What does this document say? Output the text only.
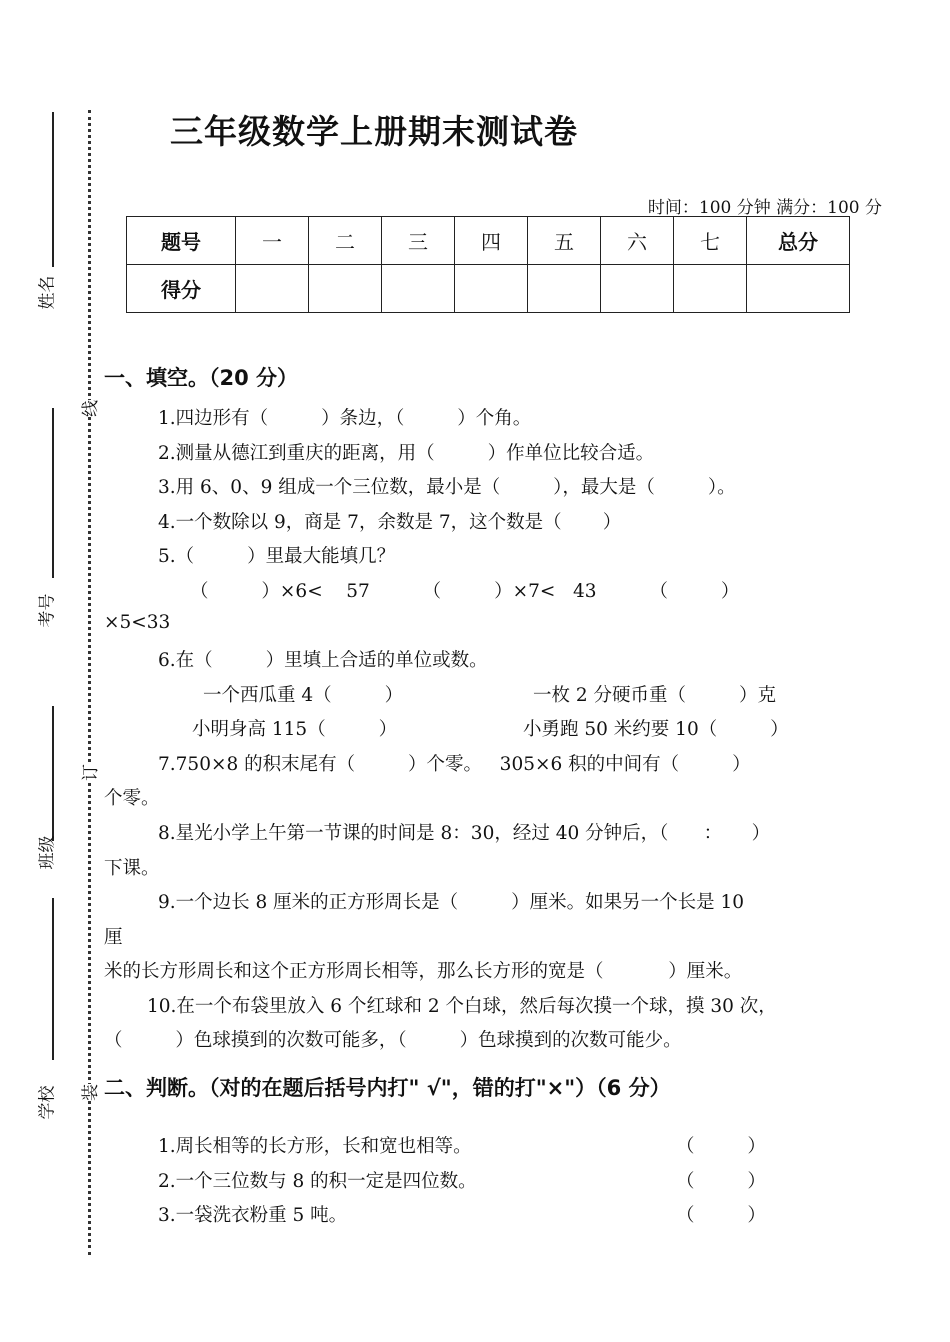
姓名
考号
班级
学校
线
订
装
三年级数学上册期末测试卷
时间：100 分钟 满分：100 分
题号	一	二	三	四	五	六	七	总分
得分								
一、填空。（20 分）
1.四边形有（         ）条边，（         ）个角。
2.测量从德江到重庆的距离，用（         ）作单位比较合适。
3.用 6、0、9 组成一个三位数，最小是（         ），最大是（         ）。
4.一个数除以 9，商是 7，余数是 7，这个数是（       ）
5.（         ）里最大能填几？
（         ）×6<    57         （         ）×7<   43         （         ）
×5<33
6.在（         ）里填上合适的单位或数。
一个西瓜重 4（         ）	一枚 2 分硬币重（         ）克
小明身高 115（         ）	小勇跑 50 米约要 10（         ）
7.750×8 的积末尾有（         ）个零。   305×6 积的中间有（         ）
个零。
8.星光小学上午第一节课的时间是 8：30，经过 40 分钟后，（      ：     ）
下课。
9.一个边长 8 厘米的正方形周长是（         ）厘米。如果另一个长是 10
厘
米的长方形周长和这个正方形周长相等，那么长方形的宽是（           ）厘米。
10.在一个布袋里放入 6 个红球和 2 个白球，然后每次摸一个球，摸 30 次，
（         ）色球摸到的次数可能多，（         ）色球摸到的次数可能少。
二、判断。（对的在题后括号内打" √"，错的打"×"）（6 分）
1.周长相等的长方形，长和宽也相等。	（         ）
2.一个三位数与 8 的积一定是四位数。	（         ）
3.一袋洗衣粉重 5 吨。	（         ）
